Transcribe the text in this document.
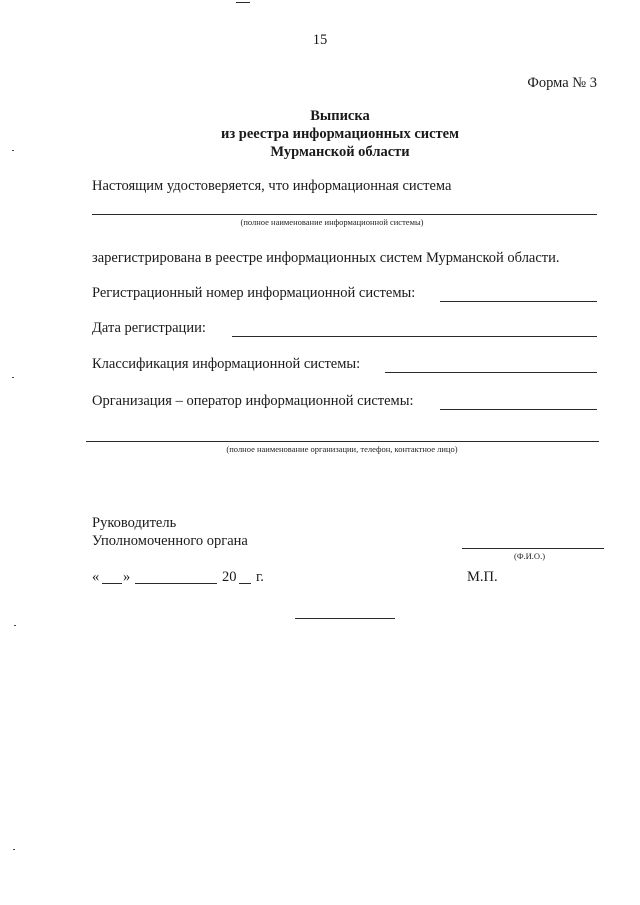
15
Форма № 3
Выписка
из реестра информационных систем
Мурманской области
Настоящим удостоверяется, что информационная система
(полное наименование информационной системы)
зарегистрирована в реестре информационных систем Мурманской области.
Регистрационный номер информационной системы:
Дата регистрации:
Классификация информационной системы:
Организация – оператор информационной системы:
(полное наименование организации, телефон, контактное лицо)
Руководитель
Уполномоченного органа
(Ф.И.О.)
« »	20 г.	М.П.
